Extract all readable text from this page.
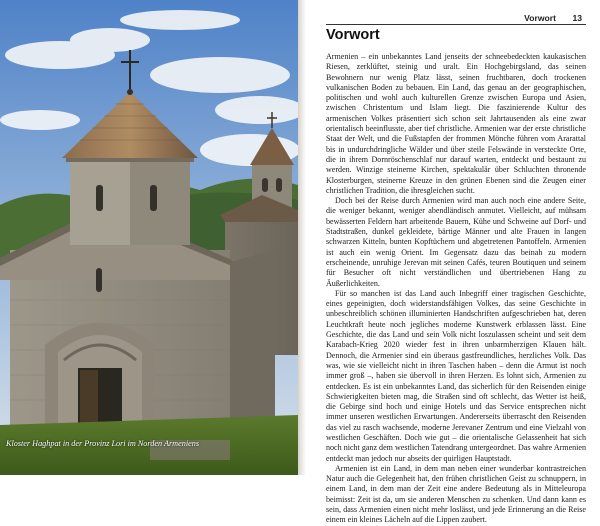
Kloster Haghpat in der Provinz Lori im Norden Armeniens
Vorwort 13
Vorwort

Armenien – ein unbekanntes Land jenseits der schneebedeckten kaukasischen Riesen, zerklüftet, steinig und uralt. Ein Hochgebirgsland, das seinen Bewohnern nur wenig Platz lässt, seinen fruchtbaren, doch trockenen vulkanischen Boden zu bebauen. Ein Land, das genau an der geographischen, politischen und wohl auch kulturellen Grenze zwischen Europa und Asien, zwischen Christentum und Islam liegt. Die faszinierende Kultur des armenischen Volkes präsentiert sich schon seit Jahrtausenden als eine zwar orientalisch beeinflusste, aber tief christliche. Armenien war der erste christliche Staat der Welt, und die Fußstapfen der frommen Mönche führen vom Ararattal bis in undurchdringliche Wälder und über steile Felswände in versteckte Orte, die in ihrem Dornröschenschlaf nur darauf warten, entdeckt und bestaunt zu werden. Winzige steinerne Kirchen, spektakulär über Schluchten thronende Klosterburgen, steinerne Kreuze in den grünen Ebenen sind die Zeugen einer christlichen Tradition, die ihresgleichen sucht.

Doch bei der Reise durch Armenien wird man auch noch eine andere Seite, die weniger bekannt, weniger abendländisch anmutet. Vielleicht, auf mühsam bewässerten Feldern hart arbeitende Bauern, Kühe und Schweine auf Dorf- und Stadtstraßen, dunkel gekleidete, bärtige Männer und alte Frauen in langen schwarzen Kitteln, bunten Kopftüchern und abgetretenen Pantoffeln. Armenien ist auch ein wenig Orient. Im Gegensatz dazu das beinah zu modern erscheinende, unruhige Jerevan mit seinen Cafés, teuren Boutiquen und seinem für Besucher oft nicht verständlichen und übertriebenen Hang zu Äußerlichkeiten.

Für so manchen ist das Land auch Inbegriff einer tragischen Geschichte, eines gepeinigten, doch widerstandsfähigen Volkes, das seine Geschichte in unbeschreiblich schönen illuminierten Handschriften aufgeschrieben hat, deren Leuchtkraft heute noch jegliches moderne Kunstwerk erblassen lässt. Eine Geschichte, die das Land und sein Volk nicht loszulassen scheint und seit dem Karabach-Krieg 2020 wieder fest in ihren unbarmherzigen Klauen hält. Dennoch, die Armenier sind ein überaus gastfreundliches, herzliches Volk. Das was, wie sie vielleicht nicht in ihren Taschen haben – denn die Armut ist noch immer groß –, haben sie übervoll in ihren Herzen. Es lohnt sich, Armenien zu entdecken. Es ist ein unbekanntes Land, das sicherlich für den Reisenden einige Schwierigkeiten bieten mag, die Straßen sind oft schlecht, das Wetter ist heiß, die Gebirge sind hoch und einige Hotels und das Service entsprechen nicht immer unseren westlichen Erwartungen. Andererseits überrascht den Reisenden das viel zu rasch wachsende, moderne Jerevaner Zentrum und eine Vielzahl von westlichen Geschäften. Doch wie gut – die orientalische Gelassenheit hat sich noch nicht ganz dem westlichen Tatendrang untergeordnet. Das wahre Armenien entdeckt man jedoch nur abseits der quirligen Hauptstadt.

Armenien ist ein Land, in dem man neben einer wunderbar kontrastreichen Natur auch die Gelegenheit hat, den frühen christlichen Geist zu schnuppern, in einem Land, in dem man der Zeit eine andere Bedeutung als in Mitteleuropa beimisst: Zeit ist da, um sie anderen Menschen zu schenken. Und dann kann es sein, dass Armenien einen nicht mehr loslässt, und jede Erinnerung an die Reise einem ein kleines Lächeln auf die Lippen zaubert.
